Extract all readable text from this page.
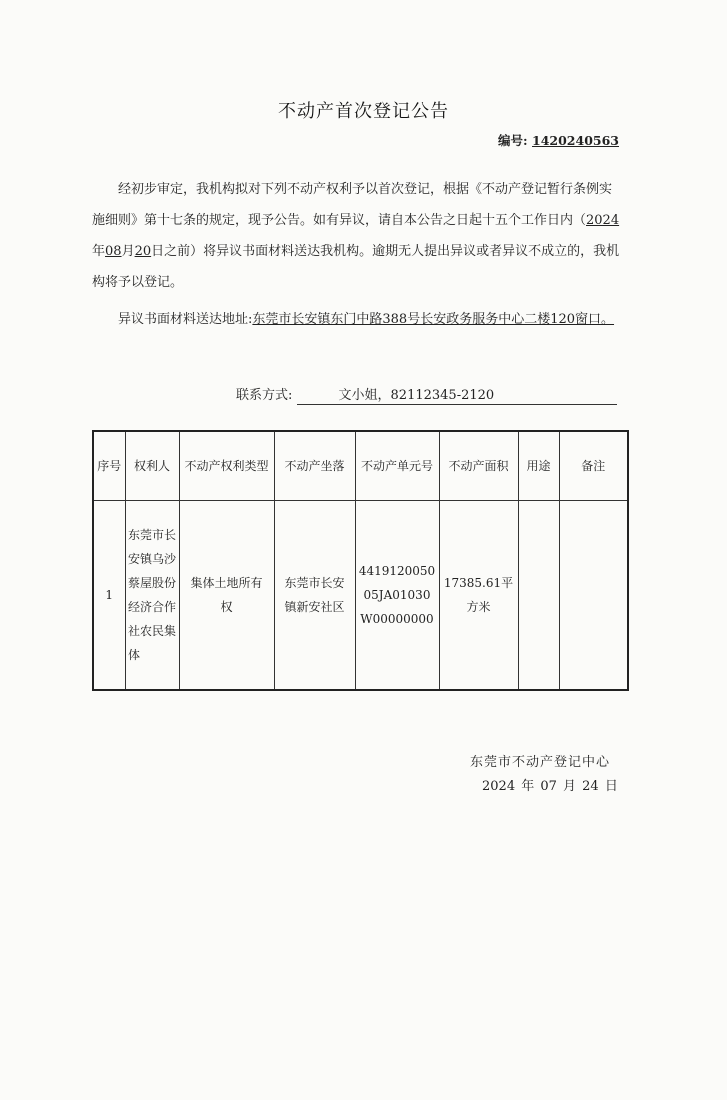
不动产首次登记公告
编号: 1420240563

经初步审定，我机构拟对下列不动产权利予以首次登记，根据《不动产登记暂行条例实施细则》第十七条的规定，现予公告。如有异议，请自本公告之日起十五个工作日内（2024年08月20日之前）将异议书面材料送达我机构。逾期无人提出异议或者异议不成立的，我机构将予以登记。

异议书面材料送达地址:东莞市长安镇东门中路388号长安政务服务中心二楼120窗口。
联系方式:	文小姐，82112345-2120
序号	权利人	不动产权利类型	不动产坐落	不动产单元号	不动产面积	用途	备注
1	东莞市长安镇乌沙蔡屋股份经济合作社农民集体	集体土地所有权	东莞市长安镇新安社区	441912005005JA01030W00000000	17385.61平方米		

东莞市不动产登记中心
2024 年 07 月 24 日
